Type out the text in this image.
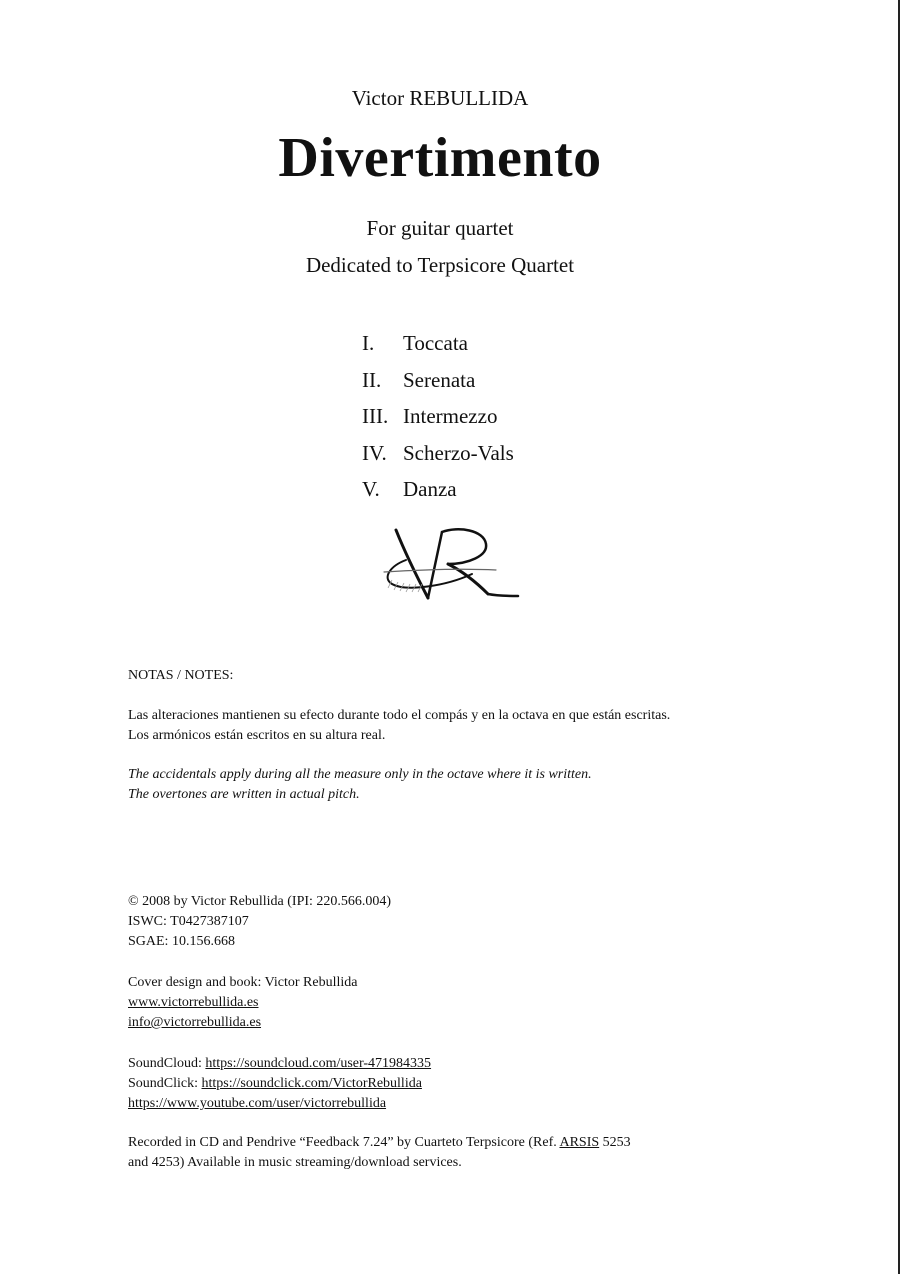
Victor REBULLIDA
Divertimento
For guitar quartet
Dedicated to Terpsicore Quartet
I. Toccata
II. Serenata
III. Intermezzo
IV. Scherzo-Vals
V. Danza
NOTAS / NOTES:
Las alteraciones mantienen su efecto durante todo el compás y en la octava en que están escritas.
Los armónicos están escritos en su altura real.
The accidentals apply during all the measure only in the octave where it is written.
The overtones are written in actual pitch.
© 2008 by Victor Rebullida (IPI: 220.566.004)
ISWC: T0427387107
SGAE: 10.156.668
Cover design and book: Victor Rebullida
www.victorrebullida.es
info@victorrebullida.es
SoundCloud: https://soundcloud.com/user-471984335
SoundClick: https://soundclick.com/VictorRebullida
https://www.youtube.com/user/victorrebullida
Recorded in CD and Pendrive “Feedback 7.24” by Cuarteto Terpsicore (Ref. ARSIS 5253
and 4253) Available in music streaming/download services.
